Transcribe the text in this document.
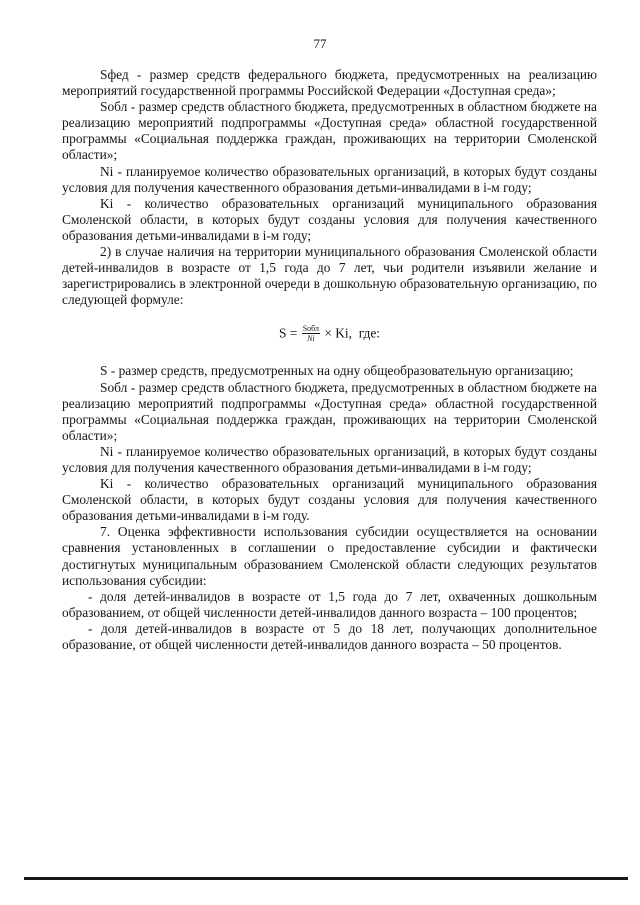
77

Sфед - размер средств федерального бюджета, предусмотренных на реализацию мероприятий государственной программы Российской Федерации «Доступная среда»;

Sобл - размер средств областного бюджета, предусмотренных в областном бюджете на реализацию мероприятий подпрограммы «Доступная среда» областной государственной программы «Социальная поддержка граждан, проживающих на территории Смоленской области»;

Ni - планируемое количество образовательных организаций, в которых будут созданы условия для получения качественного образования детьми-инвалидами в i-м году;

Ki - количество образовательных организаций муниципального образования Смоленской области, в которых будут созданы условия для получения качественного образования детьми-инвалидами в i-м году;

2) в случае наличия на территории муниципального образования Смоленской области детей-инвалидов в возрасте от 1,5 года до 7 лет, чьи родители изъявили желание и зарегистрировались в электронной очереди в дошкольную образовательную организацию, по следующей формуле:

$S = \frac{\text{Sобл}}{Ni} \times Ki$, где:

S - размер средств, предусмотренных на одну общеобразовательную организацию;

Sобл - размер средств областного бюджета, предусмотренных в областном бюджете на реализацию мероприятий подпрограммы «Доступная среда» областной государственной программы «Социальная поддержка граждан, проживающих на территории Смоленской области»;

Ni - планируемое количество образовательных организаций, в которых будут созданы условия для получения качественного образования детьми-инвалидами в i-м году;

Ki - количество образовательных организаций муниципального образования Смоленской области, в которых будут созданы условия для получения качественного образования детьми-инвалидами в i-м году.

7. Оценка эффективности использования субсидии осуществляется на основании сравнения установленных в соглашении о предоставление субсидии и фактически достигнутых муниципальным образованием Смоленской области следующих результатов использования субсидии:

- доля детей-инвалидов в возрасте от 1,5 года до 7 лет, охваченных дошкольным образованием, от общей численности детей-инвалидов данного возраста – 100 процентов;

- доля детей-инвалидов в возрасте от 5 до 18 лет, получающих дополнительное образование, от общей численности детей-инвалидов данного возраста – 50 процентов.
